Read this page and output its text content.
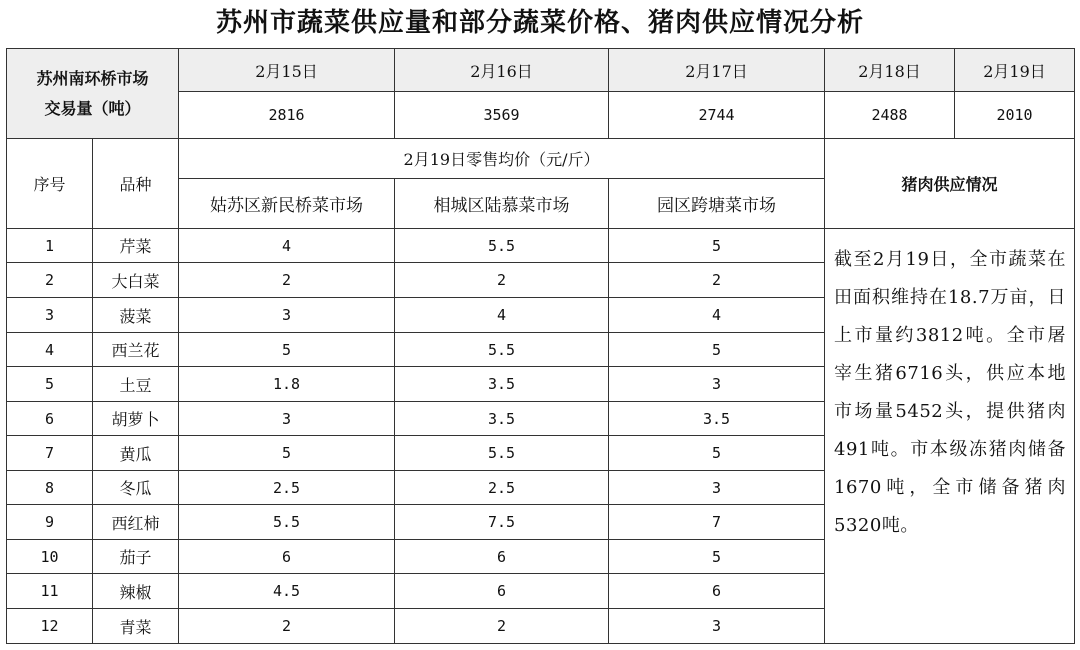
苏州市蔬菜供应量和部分蔬菜价格、猪肉供应情况分析
苏州南环桥市场
交易量（吨）		2月15日	2月16日	2月17日	2月18日	2月19日
		2816	3569	2744	2488	2010
序号	品种	2月19日零售均价（元/斤）			猪肉供应情况	
		姑苏区新民桥菜市场	相城区陆慕菜市场	园区跨塘菜市场		
1	芹菜	4	5.5	5	截至2月19日，全市蔬菜在田面积维持在18.7万亩，日上市量约3812吨。全市屠宰生猪6716头，供应本地市场量5452头，提供猪肉491吨。市本级冻猪肉储备1670吨，全市储备猪肉5320吨。	
2	大白菜	2	2	2		
3	菠菜	3	4	4		
4	西兰花	5	5.5	5		
5	土豆	1.8	3.5	3		
6	胡萝卜	3	3.5	3.5		
7	黄瓜	5	5.5	5		
8	冬瓜	2.5	2.5	3		
9	西红柿	5.5	7.5	7		
10	茄子	6	6	5		
11	辣椒	4.5	6	6		
12	青菜	2	2	3		
